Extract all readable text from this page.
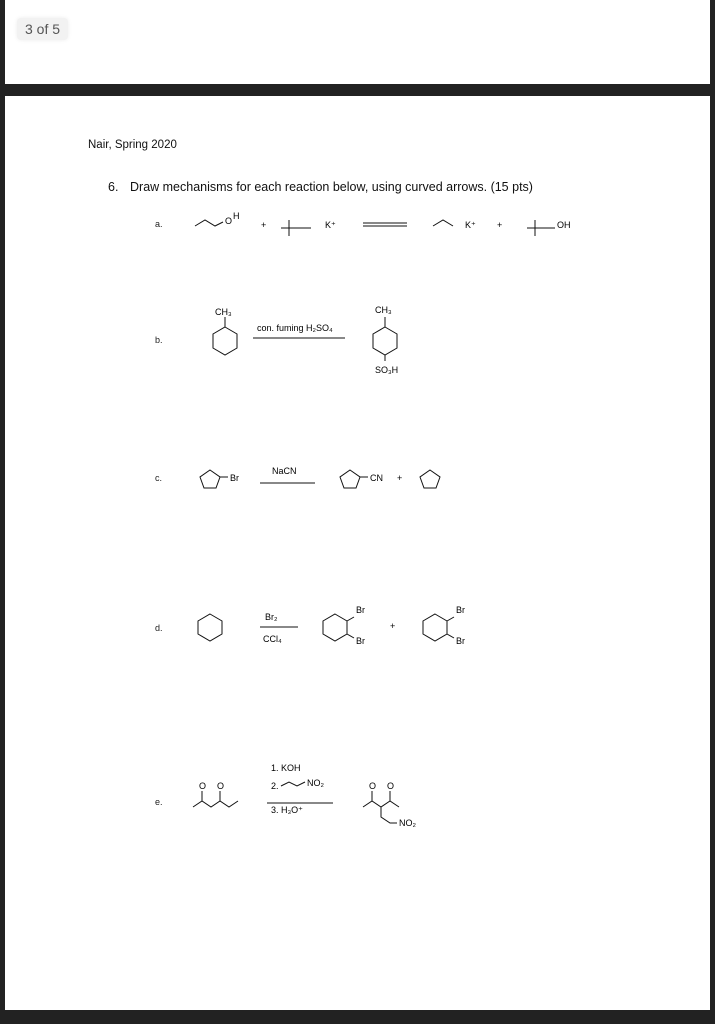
3 of 5
Nair, Spring 2020
6. Draw mechanisms for each reaction below, using curved arrows. (15 pts)
a.	O H
+	K⁺	K⁺ +	OH
b.
CH₃
con. fuming H₂SO₄
CH₃
SO₃H
c.	Br
NaCN
CN +
d.
Br₂
CCl₄
Br
Br
+
Br
Br
e.
O O
1. KOH
2.	NO₂
3. H₃O⁺
O O
NO₂
